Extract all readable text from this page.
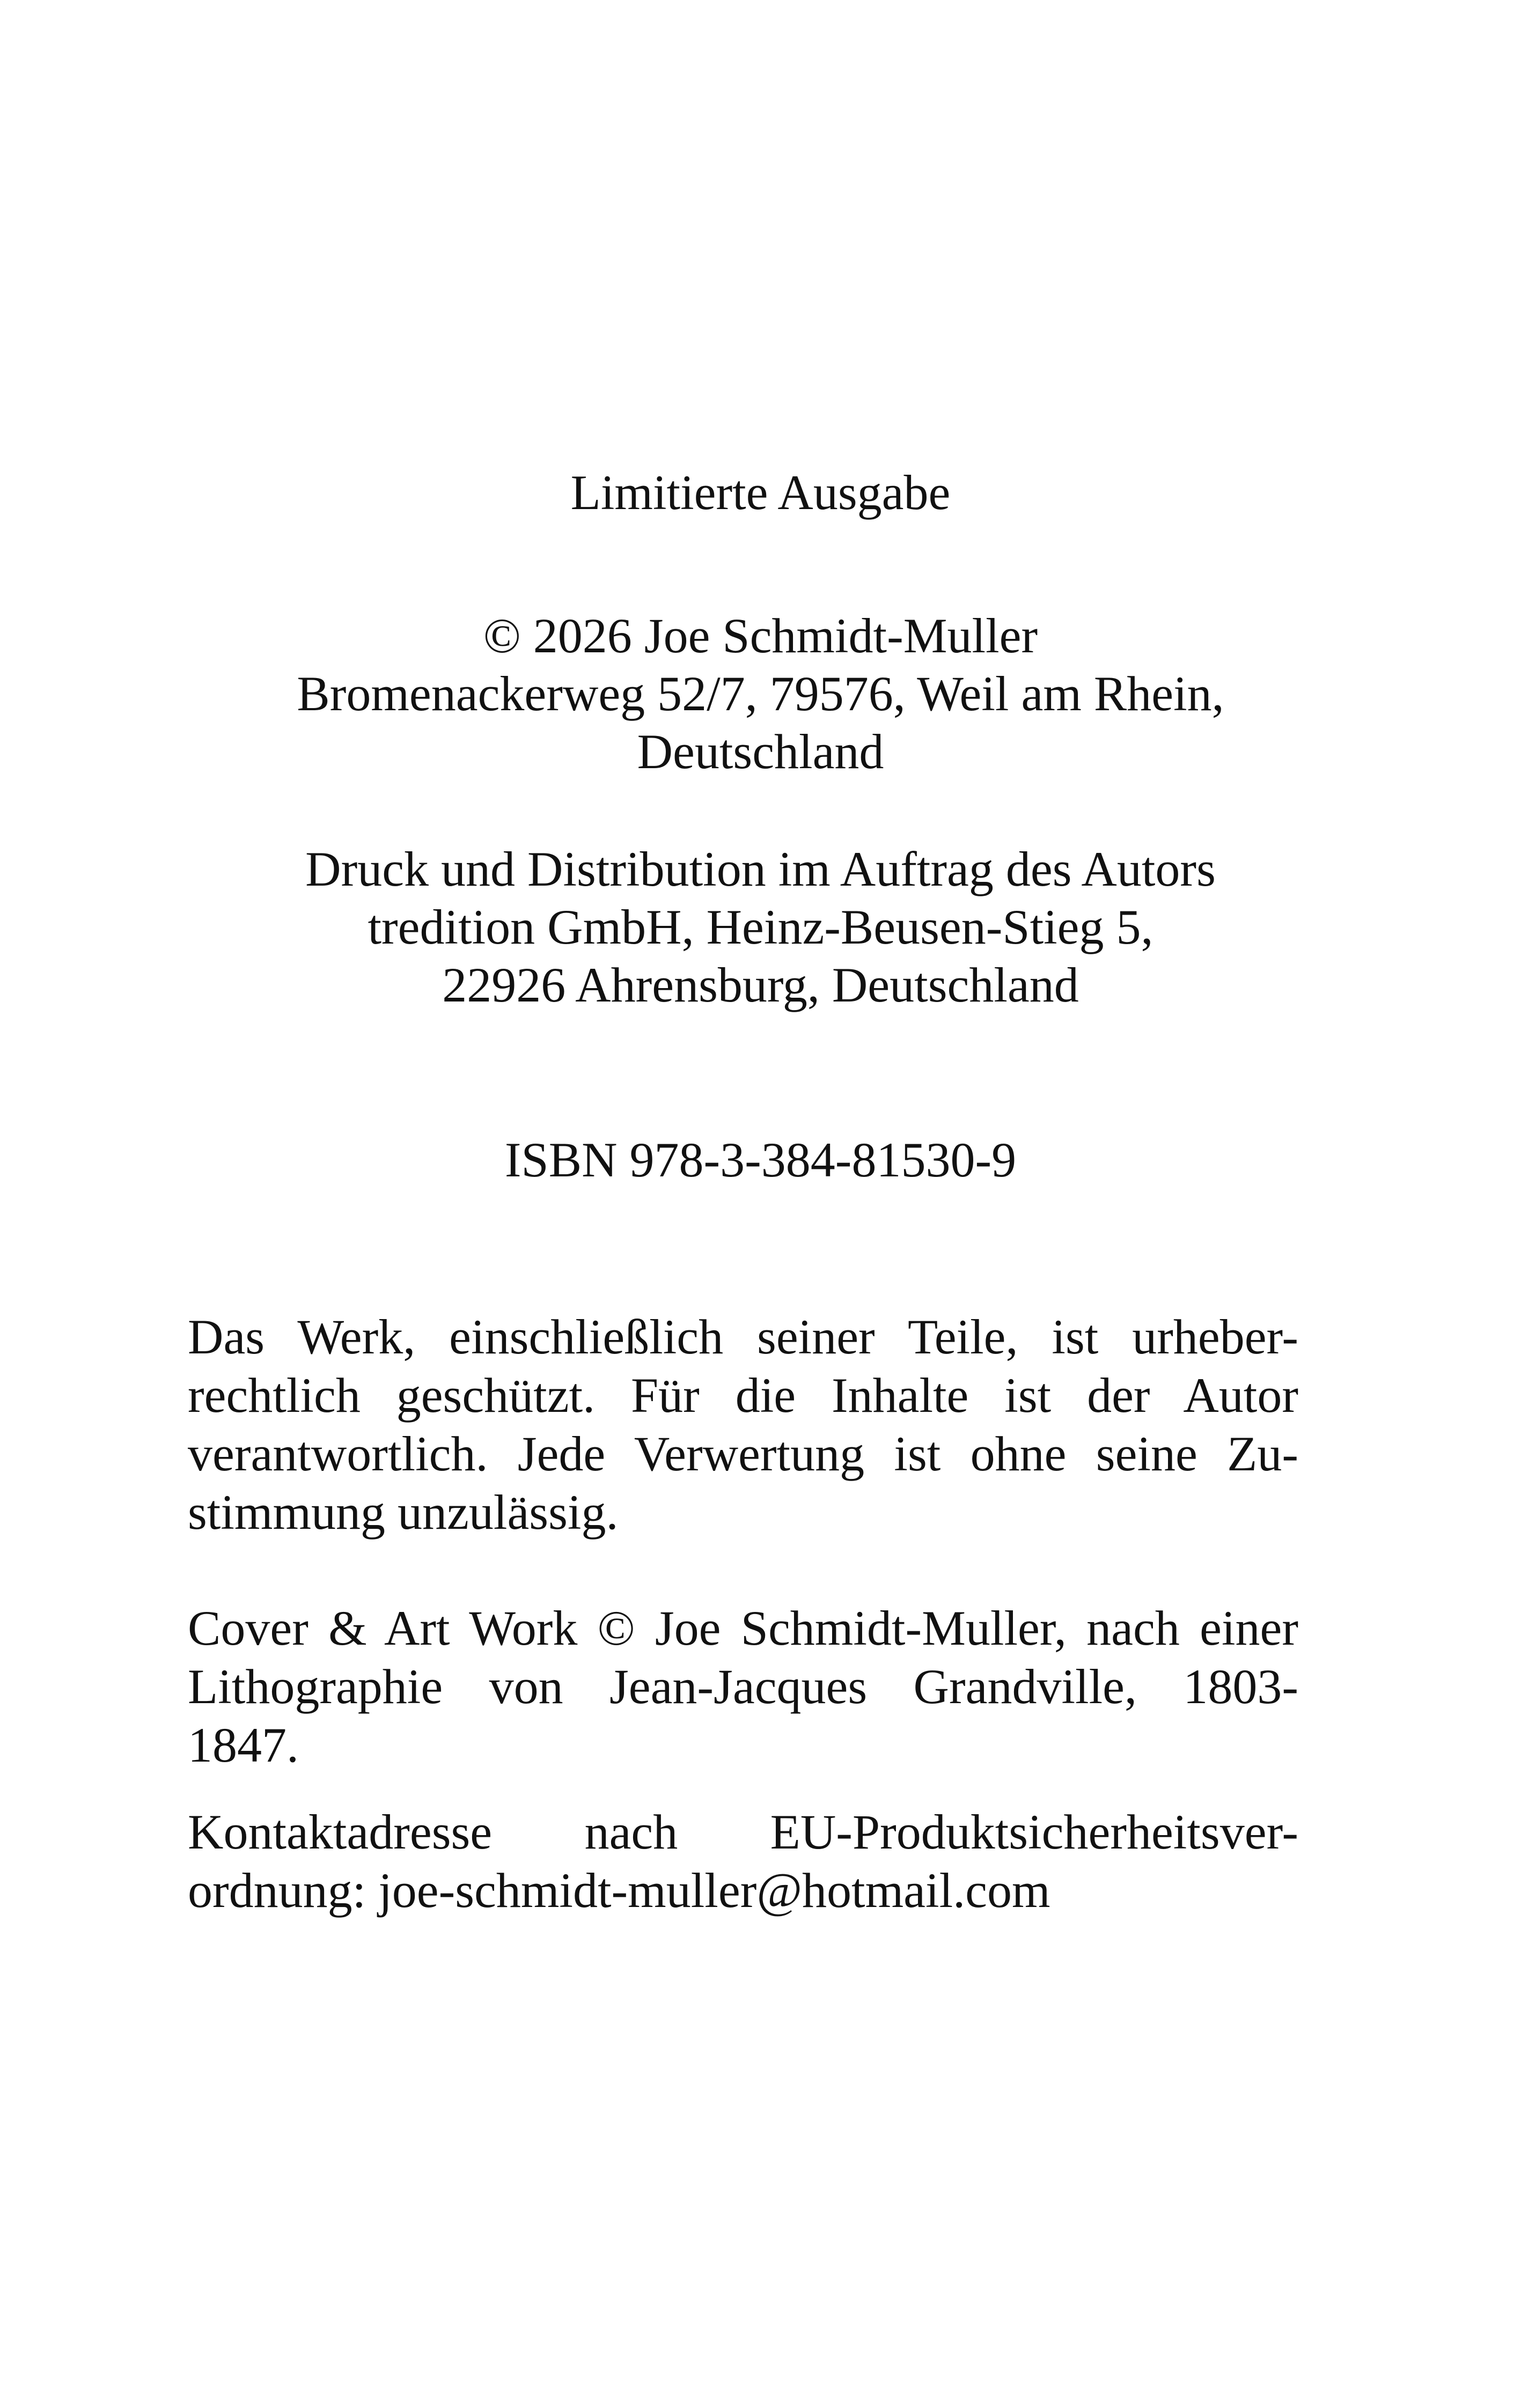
Limitierte Ausgabe
© 2026 Joe Schmidt-Muller
Bromenackerweg 52/7, 79576, Weil am Rhein,
Deutschland
Druck und Distribution im Auftrag des Autors
tredition GmbH, Heinz-Beusen-Stieg 5,
22926 Ahrensburg, Deutschland
ISBN 978-3-384-81530-9
Das Werk, einschließlich seiner Teile, ist urheber-
rechtlich geschützt. Für die Inhalte ist der Autor
verantwortlich. Jede Verwertung ist ohne seine Zu-
stimmung unzulässig.
Cover & Art Work © Joe Schmidt-Muller, nach einer
Lithographie von Jean-Jacques Grandville, 1803-
1847.
Kontaktadresse nach EU-Produktsicherheitsver-
ordnung: joe-schmidt-muller@hotmail.com
